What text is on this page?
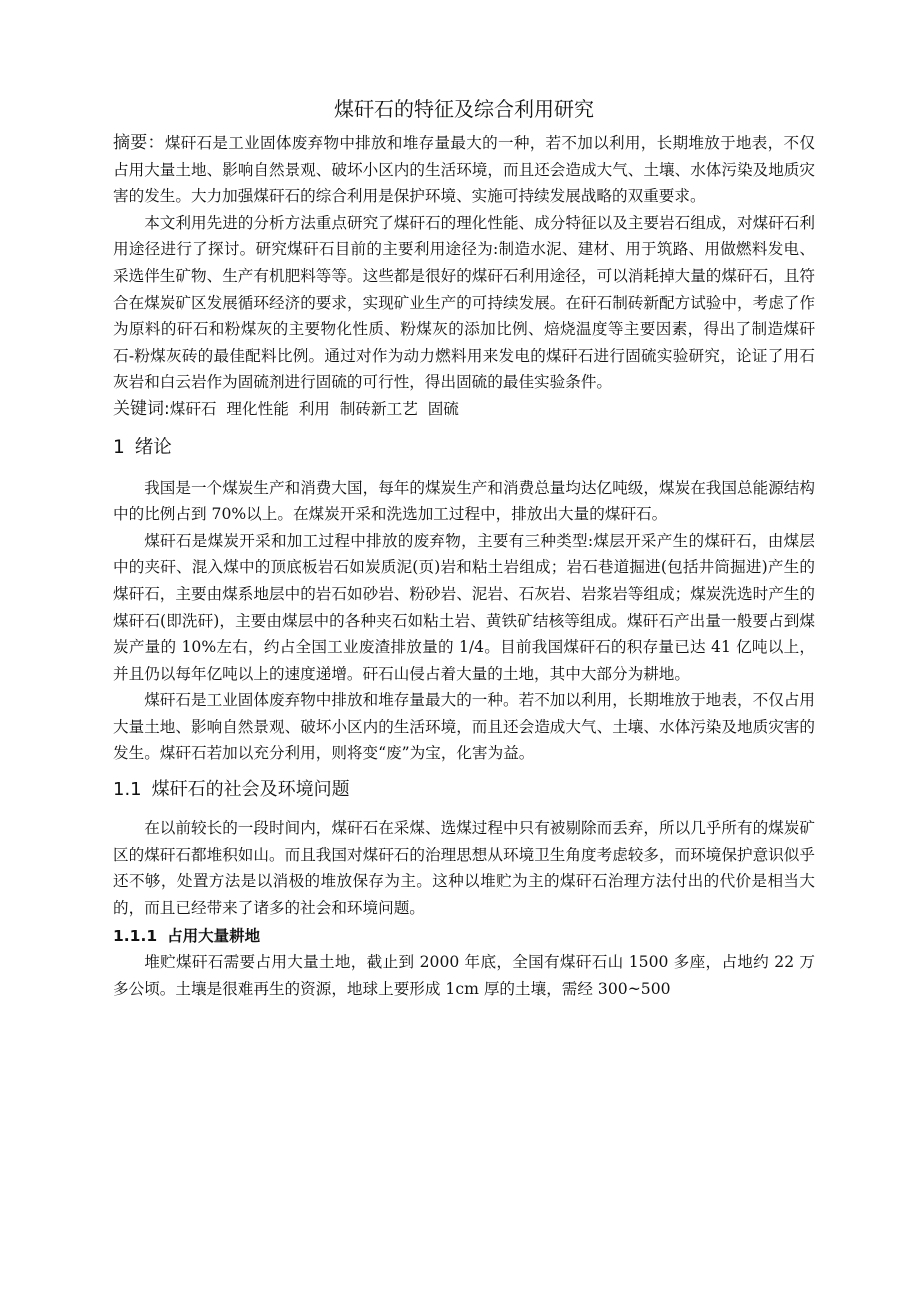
煤矸石的特征及综合利用研究

摘要：煤矸石是工业固体废弃物中排放和堆存量最大的一种，若不加以利用，长期堆放于地表，不仅占用大量土地、影响自然景观、破坏小区内的生活环境，而且还会造成大气、土壤、水体污染及地质灾害的发生。大力加强煤矸石的综合利用是保护环境、实施可持续发展战略的双重要求。

本文利用先进的分析方法重点研究了煤矸石的理化性能、成分特征以及主要岩石组成，对煤矸石利用途径进行了探讨。研究煤矸石目前的主要利用途径为:制造水泥、建材、用于筑路、用做燃料发电、采选伴生矿物、生产有机肥料等等。这些都是很好的煤矸石利用途径，可以消耗掉大量的煤矸石，且符合在煤炭矿区发展循环经济的要求，实现矿业生产的可持续发展。在矸石制砖新配方试验中，考虑了作为原料的矸石和粉煤灰的主要物化性质、粉煤灰的添加比例、焙烧温度等主要因素，得出了制造煤矸石-粉煤灰砖的最佳配料比例。通过对作为动力燃料用来发电的煤矸石进行固硫实验研究，论证了用石灰岩和白云岩作为固硫剂进行固硫的可行性，得出固硫的最佳实验条件。

关键词:煤矸石  理化性能  利用  制砖新工艺  固硫

1 绪论

我国是一个煤炭生产和消费大国，每年的煤炭生产和消费总量均达亿吨级，煤炭在我国总能源结构中的比例占到 70%以上。在煤炭开采和洗选加工过程中，排放出大量的煤矸石。

煤矸石是煤炭开采和加工过程中排放的废弃物，主要有三种类型:煤层开采产生的煤矸石，由煤层中的夹矸、混入煤中的顶底板岩石如炭质泥(页)岩和粘土岩组成；岩石巷道掘进(包括井筒掘进)产生的煤矸石，主要由煤系地层中的岩石如砂岩、粉砂岩、泥岩、石灰岩、岩浆岩等组成；煤炭洗选时产生的煤矸石(即洗矸)，主要由煤层中的各种夹石如粘土岩、黄铁矿结核等组成。煤矸石产出量一般要占到煤炭产量的 10%左右，约占全国工业废渣排放量的 1/4。目前我国煤矸石的积存量已达 41 亿吨以上，并且仍以每年亿吨以上的速度递增。矸石山侵占着大量的土地，其中大部分为耕地。

煤矸石是工业固体废弃物中排放和堆存量最大的一种。若不加以利用，长期堆放于地表，不仅占用大量土地、影响自然景观、破坏小区内的生活环境，而且还会造成大气、土壤、水体污染及地质灾害的发生。煤矸石若加以充分利用，则将变“废”为宝，化害为益。

1.1 煤矸石的社会及环境问题

在以前较长的一段时间内，煤矸石在采煤、选煤过程中只有被剔除而丢弃，所以几乎所有的煤炭矿区的煤矸石都堆积如山。而且我国对煤矸石的治理思想从环境卫生角度考虑较多，而环境保护意识似乎还不够，处置方法是以消极的堆放保存为主。这种以堆贮为主的煤矸石治理方法付出的代价是相当大的，而且已经带来了诸多的社会和环境问题。

1.1.1 占用大量耕地

堆贮煤矸石需要占用大量土地，截止到 2000 年底，全国有煤矸石山 1500 多座，占地约 22 万多公顷。土壤是很难再生的资源，地球上要形成 1cm 厚的土壤，需经 300~500
